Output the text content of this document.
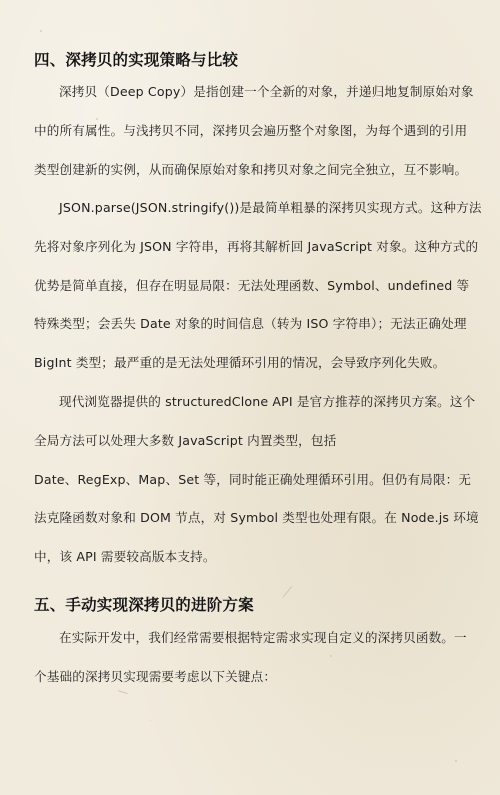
四、深拷贝的实现策略与比较

深拷贝（Deep Copy）是指创建一个全新的对象，并递归地复制原始对象
中的所有属性。与浅拷贝不同，深拷贝会遍历整个对象图，为每个遇到的引用
类型创建新的实例，从而确保原始对象和拷贝对象之间完全独立，互不影响。

JSON.parse(JSON.stringify())是最简单粗暴的深拷贝实现方式。这种方法
先将对象序列化为 JSON 字符串，再将其解析回 JavaScript 对象。这种方式的
优势是简单直接，但存在明显局限：无法处理函数、Symbol、undefined 等
特殊类型；会丢失 Date 对象的时间信息（转为 ISO 字符串）；无法正确处理
BigInt 类型；最严重的是无法处理循环引用的情况，会导致序列化失败。

现代浏览器提供的 structuredClone API 是官方推荐的深拷贝方案。这个
全局方法可以处理大多数 JavaScript 内置类型，包括
Date、RegExp、Map、Set 等，同时能正确处理循环引用。但仍有局限：无
法克隆函数对象和 DOM 节点，对 Symbol 类型也处理有限。在 Node.js 环境
中，该 API 需要较高版本支持。

五、手动实现深拷贝的进阶方案

在实际开发中，我们经常需要根据特定需求实现自定义的深拷贝函数。一
个基础的深拷贝实现需要考虑以下关键点：
